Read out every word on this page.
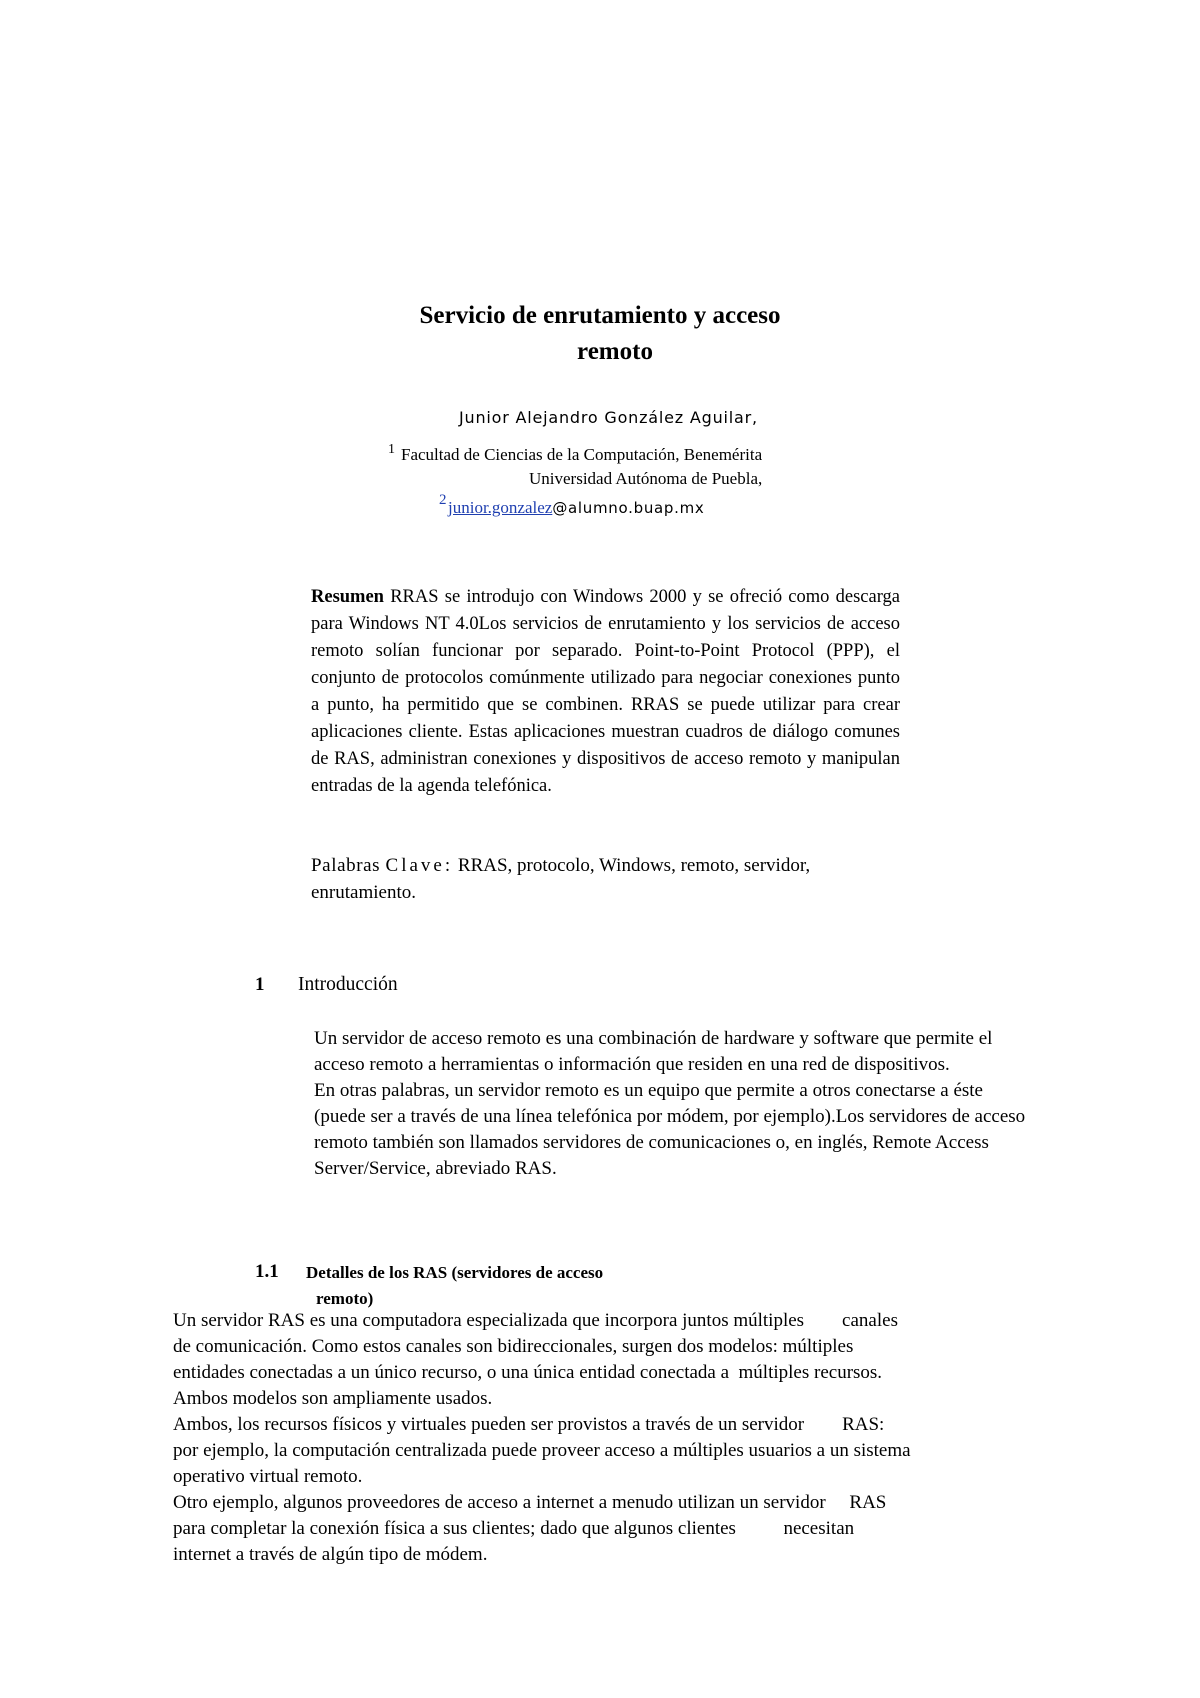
Servicio de enrutamiento y acceso
remoto
Junior Alejandro González Aguilar,
1 Facultad de Ciencias de la Computación, Benemérita
Universidad Autónoma de Puebla,
2 junior.gonzalez@alumno.buap.mx
Resumen RRAS se introdujo con Windows 2000 y se ofreció como descarga para Windows NT 4.0Los servicios de enrutamiento y los servicios de acceso remoto solían funcionar por separado. Point-to-Point Protocol (PPP), el conjunto de protocolos comúnmente utilizado para negociar conexiones punto a punto, ha permitido que se combinen. RRAS se puede utilizar para crear aplicaciones cliente. Estas aplicaciones muestran cuadros de diálogo comunes de RAS, administran conexiones y dispositivos de acceso remoto y manipulan entradas de la agenda telefónica.
Palabras Clave: RRAS, protocolo, Windows, remoto, servidor, enrutamiento.
1 Introducción

Un servidor de acceso remoto es una combinación de hardware y software que permite el acceso remoto a herramientas o información que residen en una red de dispositivos.

En otras palabras, un servidor remoto es un equipo que permite a otros conectarse a éste (puede ser a través de una línea telefónica por módem, por ejemplo).Los servidores de acceso remoto también son llamados servidores de comunicaciones o, en inglés, Remote Access Server/Service, abreviado RAS.

1.1 Detalles de los RAS (servidores de acceso
remoto)

Un servidor RAS es una computadora especializada que incorpora juntos múltiples        canales

de comunicación. Como estos canales son bidireccionales, surgen dos modelos: múltiples

entidades conectadas a un único recurso, o una única entidad conectada a  múltiples recursos.

Ambos modelos son ampliamente usados.

Ambos, los recursos físicos y virtuales pueden ser provistos a través de un servidor        RAS:

por ejemplo, la computación centralizada puede proveer acceso a múltiples usuarios a un sistema

operativo virtual remoto.

Otro ejemplo, algunos proveedores de acceso a internet a menudo utilizan un servidor     RAS

para completar la conexión física a sus clientes; dado que algunos clientes          necesitan

internet a través de algún tipo de módem.
